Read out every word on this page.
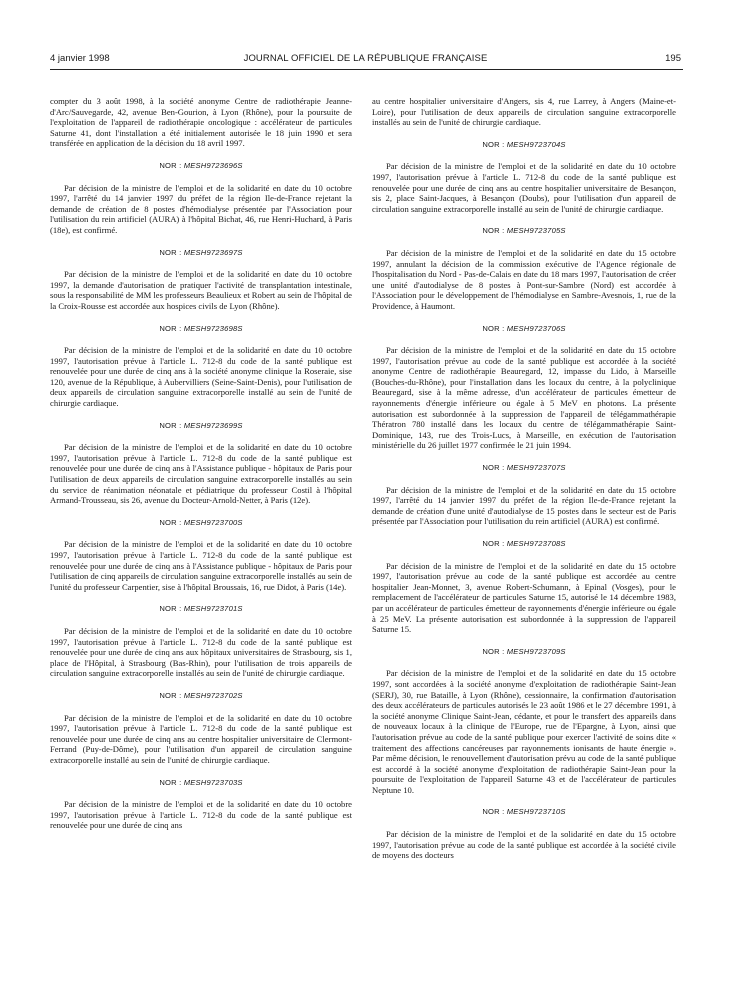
4 janvier 1998	JOURNAL OFFICIEL DE LA RÉPUBLIQUE FRANÇAISE	195

compter du 3 août 1998, à la société anonyme Centre de radiothérapie Jeanne-d'Arc/Sauvegarde, 42, avenue Ben-Gourion, à Lyon (Rhône), pour la poursuite de l'exploitation de l'appareil de radiothérapie oncologique : accélérateur de particules Saturne 41, dont l'installation a été initialement autorisée le 18 juin 1990 et sera transférée en application de la décision du 18 avril 1997.

NOR : MESH9723696S

Par décision de la ministre de l'emploi et de la solidarité en date du 10 octobre 1997, l'arrêté du 14 janvier 1997 du préfet de la région Ile-de-France rejetant la demande de création de 8 postes d'hémodialyse présentée par l'Association pour l'utilisation du rein artificiel (AURA) à l'hôpital Bichat, 46, rue Henri-Huchard, à Paris (18e), est confirmé.

NOR : MESH9723697S

Par décision de la ministre de l'emploi et de la solidarité en date du 10 octobre 1997, la demande d'autorisation de pratiquer l'activité de transplantation intestinale, sous la responsabilité de MM les professeurs Beaulieux et Robert au sein de l'hôpital de la Croix-Rousse est accordée aux hospices civils de Lyon (Rhône).

NOR : MESH9723698S

Par décision de la ministre de l'emploi et de la solidarité en date du 10 octobre 1997, l'autorisation prévue à l'article L. 712-8 du code de la santé publique est renouvelée pour une durée de cinq ans à la société anonyme clinique la Roseraie, sise 120, avenue de la République, à Aubervilliers (Seine-Saint-Denis), pour l'utilisation de deux appareils de circulation sanguine extracorporelle installé au sein de l'unité de chirurgie cardiaque.

NOR : MESH9723699S

Par décision de la ministre de l'emploi et de la solidarité en date du 10 octobre 1997, l'autorisation prévue à l'article L. 712-8 du code de la santé publique est renouvelée pour une durée de cinq ans à l'Assistance publique - hôpitaux de Paris pour l'utilisation de deux appareils de circulation sanguine extracorporelle installés au sein du service de réanimation néonatale et pédiatrique du professeur Costil à l'hôpital Armand-Trousseau, sis 26, avenue du Docteur-Arnold-Netter, à Paris (12e).

NOR : MESH9723700S

Par décision de la ministre de l'emploi et de la solidarité en date du 10 octobre 1997, l'autorisation prévue à l'article L. 712-8 du code de la santé publique est renouvelée pour une durée de cinq ans à l'Assistance publique - hôpitaux de Paris pour l'utilisation de cinq appareils de circulation sanguine extracorporelle installés au sein de l'unité du professeur Carpentier, sise à l'hôpital Broussais, 16, rue Didot, à Paris (14e).

NOR : MESH9723701S

Par décision de la ministre de l'emploi et de la solidarité en date du 10 octobre 1997, l'autorisation prévue à l'article L. 712-8 du code de la santé publique est renouvelée pour une durée de cinq ans aux hôpitaux universitaires de Strasbourg, sis 1, place de l'Hôpital, à Strasbourg (Bas-Rhin), pour l'utilisation de trois appareils de circulation sanguine extracorporelle installés au sein de l'unité de chirurgie cardiaque.

NOR : MESH9723702S

Par décision de la ministre de l'emploi et de la solidarité en date du 10 octobre 1997, l'autorisation prévue à l'article L. 712-8 du code de la santé publique est renouvelée pour une durée de cinq ans au centre hospitalier universitaire de Clermont-Ferrand (Puy-de-Dôme), pour l'utilisation d'un appareil de circulation sanguine extracorporelle installé au sein de l'unité de chirurgie cardiaque.

NOR : MESH9723703S

Par décision de la ministre de l'emploi et de la solidarité en date du 10 octobre 1997, l'autorisation prévue à l'article L. 712-8 du code de la santé publique est renouvelée pour une durée de cinq ans

au centre hospitalier universitaire d'Angers, sis 4, rue Larrey, à Angers (Maine-et-Loire), pour l'utilisation de deux appareils de circulation sanguine extracorporelle installés au sein de l'unité de chirurgie cardiaque.

NOR : MESH9723704S

Par décision de la ministre de l'emploi et de la solidarité en date du 10 octobre 1997, l'autorisation prévue à l'article L. 712-8 du code de la santé publique est renouvelée pour une durée de cinq ans au centre hospitalier universitaire de Besançon, sis 2, place Saint-Jacques, à Besançon (Doubs), pour l'utilisation d'un appareil de circulation sanguine extracorporelle installé au sein de l'unité de chirurgie cardiaque.

NOR : MESH9723705S

Par décision de la ministre de l'emploi et de la solidarité en date du 15 octobre 1997, annulant la décision de la commission exécutive de l'Agence régionale de l'hospitalisation du Nord - Pas-de-Calais en date du 18 mars 1997, l'autorisation de créer une unité d'autodialyse de 8 postes à Pont-sur-Sambre (Nord) est accordée à l'Association pour le développement de l'hémodialyse en Sambre-Avesnois, 1, rue de la Providence, à Haumont.

NOR : MESH9723706S

Par décision de la ministre de l'emploi et de la solidarité en date du 15 octobre 1997, l'autorisation prévue au code de la santé publique est accordée à la société anonyme Centre de radiothérapie Beauregard, 12, impasse du Lido, à Marseille (Bouches-du-Rhône), pour l'installation dans les locaux du centre, à la polyclinique Beauregard, sise à la même adresse, d'un accélérateur de particules émetteur de rayonnements d'énergie inférieure ou égale à 5 MeV en photons. La présente autorisation est subordonnée à la suppression de l'appareil de télégammathérapie Thératron 780 installé dans les locaux du centre de télégammathérapie Saint-Dominique, 143, rue des Trois-Lucs, à Marseille, en exécution de l'autorisation ministérielle du 26 juillet 1977 confirmée le 21 juin 1994.

NOR : MESH9723707S

Par décision de la ministre de l'emploi et de la solidarité en date du 15 octobre 1997, l'arrêté du 14 janvier 1997 du préfet de la région Ile-de-France rejetant la demande de création d'une unité d'autodialyse de 15 postes dans le secteur est de Paris présentée par l'Association pour l'utilisation du rein artificiel (AURA) est confirmé.

NOR : MESH9723708S

Par décision de la ministre de l'emploi et de la solidarité en date du 15 octobre 1997, l'autorisation prévue au code de la santé publique est accordée au centre hospitalier Jean-Monnet, 3, avenue Robert-Schumann, à Epinal (Vosges), pour le remplacement de l'accélérateur de particules Saturne 15, autorisé le 14 décembre 1983, par un accélérateur de particules émetteur de rayonnements d'énergie inférieure ou égale à 25 MeV. La présente autorisation est subordonnée à la suppression de l'appareil Saturne 15.

NOR : MESH9723709S

Par décision de la ministre de l'emploi et de la solidarité en date du 15 octobre 1997, sont accordées à la société anonyme d'exploitation de radiothérapie Saint-Jean (SERJ), 30, rue Bataille, à Lyon (Rhône), cessionnaire, la confirmation d'autorisation des deux accélérateurs de particules autorisés le 23 août 1986 et le 27 décembre 1991, à la société anonyme Clinique Saint-Jean, cédante, et pour le transfert des appareils dans de nouveaux locaux à la clinique de l'Europe, rue de l'Epargne, à Lyon, ainsi que l'autorisation prévue au code de la santé publique pour exercer l'activité de soins dite « traitement des affections cancéreuses par rayonnements ionisants de haute énergie ». Par même décision, le renouvellement d'autorisation prévu au code de la santé publique est accordé à la société anonyme d'exploitation de radiothérapie Saint-Jean pour la poursuite de l'exploitation de l'appareil Saturne 43 et de l'accélérateur de particules Neptune 10.

NOR : MESH9723710S

Par décision de la ministre de l'emploi et de la solidarité en date du 15 octobre 1997, l'autorisation prévue au code de la santé publique est accordée à la société civile de moyens des docteurs
